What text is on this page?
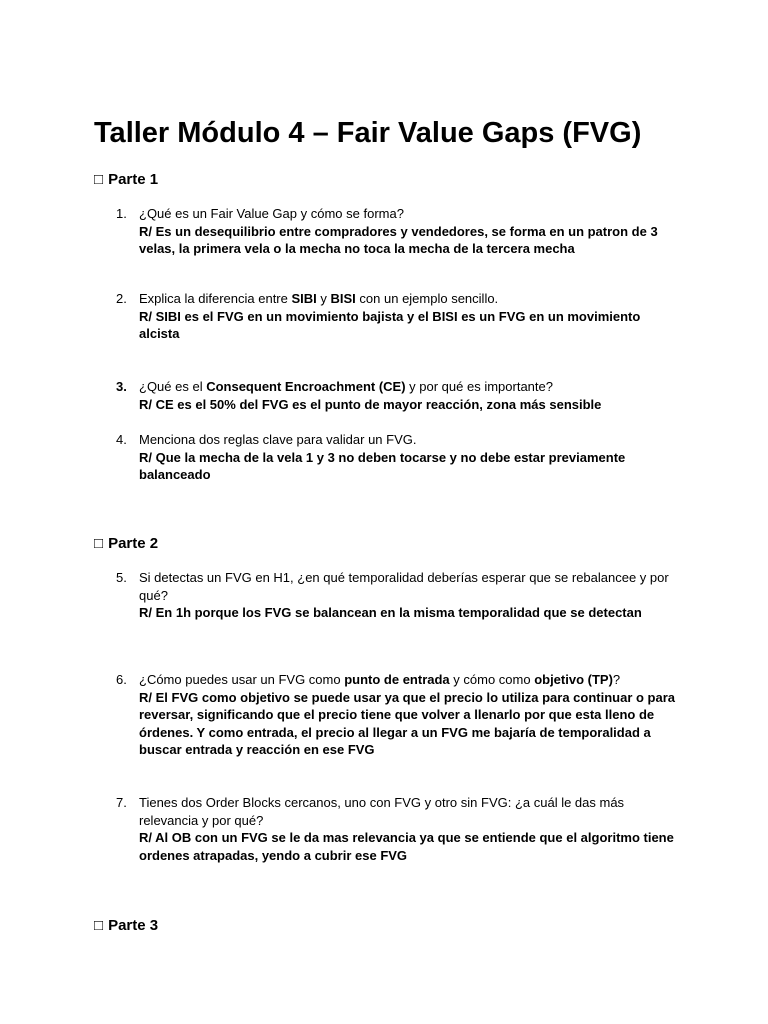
Taller Módulo 4 – Fair Value Gaps (FVG)
□ Parte 1
1. ¿Qué es un Fair Value Gap y cómo se forma?
R/ Es un desequilibrio entre compradores y vendedores, se forma en un patron de 3 velas, la primera vela o la mecha no toca la mecha de la tercera mecha
2. Explica la diferencia entre SIBI y BISI con un ejemplo sencillo.
R/ SIBI es el FVG en un movimiento bajista y el BISI es un FVG en un movimiento alcista
3. ¿Qué es el Consequent Encroachment (CE) y por qué es importante?
R/ CE es el 50% del FVG es el punto de mayor reacción, zona más sensible
4. Menciona dos reglas clave para validar un FVG.
R/ Que la mecha de la vela 1 y 3 no deben tocarse y no debe estar previamente balanceado
□ Parte 2
5. Si detectas un FVG en H1, ¿en qué temporalidad deberías esperar que se rebalancee y por qué?
R/ En 1h porque los FVG se balancean en la misma temporalidad que se detectan
6. ¿Cómo puedes usar un FVG como punto de entrada y cómo como objetivo (TP)?
R/ El FVG como objetivo se puede usar ya que el precio lo utiliza para continuar o para reversar, significando que el precio tiene que volver a llenarlo por que esta lleno de órdenes. Y como entrada, el precio al llegar a un FVG me bajaría de temporalidad a buscar entrada y reacción en ese FVG
7. Tienes dos Order Blocks cercanos, uno con FVG y otro sin FVG: ¿a cuál le das más relevancia y por qué?
R/ Al OB con un FVG se le da mas relevancia ya que se entiende que el algoritmo tiene ordenes atrapadas, yendo a cubrir ese FVG
□ Parte 3
